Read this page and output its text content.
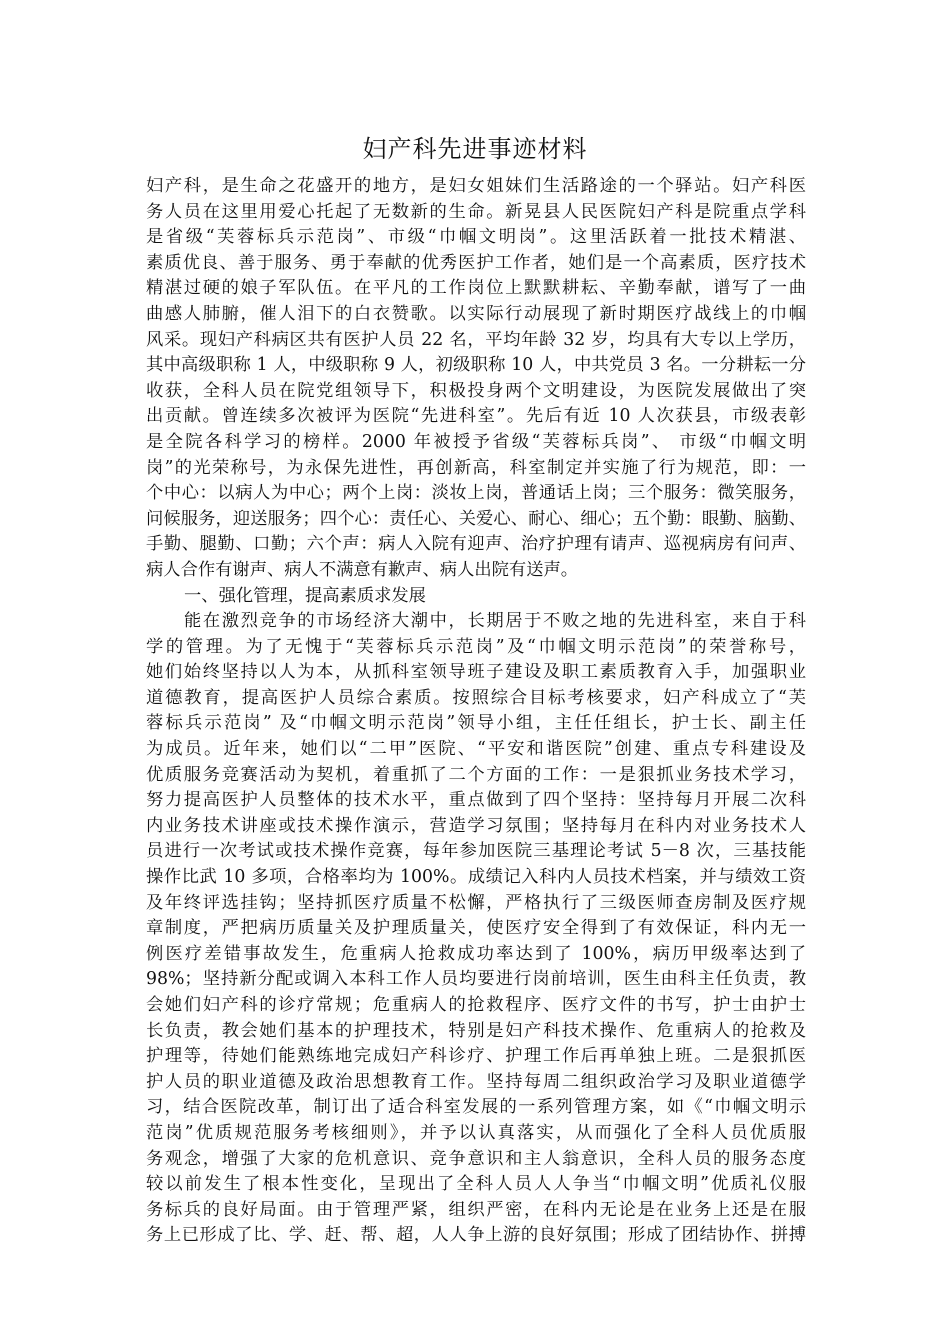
妇产科先进事迹材料
妇产科，是生命之花盛开的地方，是妇女姐妹们生活路途的一个驿站。妇产科医
务人员在这里用爱心托起了无数新的生命。新晃县人民医院妇产科是院重点学科
是省级“芙蓉标兵示范岗”、市级“巾帼文明岗”。这里活跃着一批技术精湛、
素质优良、善于服务、勇于奉献的优秀医护工作者，她们是一个高素质，医疗技术
精湛过硬的娘子军队伍。在平凡的工作岗位上默默耕耘、辛勤奉献，谱写了一曲
曲感人肺腑，催人泪下的白衣赞歌。以实际行动展现了新时期医疗战线上的巾帼
风采。现妇产科病区共有医护人员 22 名，平均年龄 32 岁，均具有大专以上学历，
其中高级职称 1 人，中级职称 9 人，初级职称 10 人，中共党员 3 名。一分耕耘一分
收获，全科人员在院党组领导下，积极投身两个文明建设，为医院发展做出了突
出贡献。曾连续多次被评为医院“先进科室”。先后有近 10 人次获县，市级表彰
是全院各科学习的榜样。2000 年被授予省级“芙蓉标兵岗”、 市级“巾帼文明
岗”的光荣称号，为永保先进性，再创新高，科室制定并实施了行为规范，即：一
个中心：以病人为中心；两个上岗：淡妆上岗，普通话上岗；三个服务：微笑服务，
问候服务，迎送服务；四个心：责任心、关爱心、耐心、细心；五个勤：眼勤、脑勤、
手勤、腿勤、口勤；六个声：病人入院有迎声、治疗护理有请声、巡视病房有问声、
病人合作有谢声、病人不满意有歉声、病人出院有送声。
一、强化管理，提高素质求发展
能在激烈竞争的市场经济大潮中，长期居于不败之地的先进科室，来自于科
学的管理。为了无愧于“芙蓉标兵示范岗”及“巾帼文明示范岗”的荣誉称号，
她们始终坚持以人为本，从抓科室领导班子建设及职工素质教育入手，加强职业
道德教育，提高医护人员综合素质。按照综合目标考核要求，妇产科成立了“芙
蓉标兵示范岗” 及“巾帼文明示范岗”领导小组，主任任组长，护士长、副主任
为成员。近年来，她们以“二甲”医院、“平安和谐医院”创建、重点专科建设及
优质服务竞赛活动为契机，着重抓了二个方面的工作：一是狠抓业务技术学习，
努力提高医护人员整体的技术水平，重点做到了四个坚持：坚持每月开展二次科
内业务技术讲座或技术操作演示，营造学习氛围；坚持每月在科内对业务技术人
员进行一次考试或技术操作竞赛，每年参加医院三基理论考试 5－8 次，三基技能
操作比武 10 多项，合格率均为 100%。成绩记入科内人员技术档案，并与绩效工资
及年终评选挂钩；坚持抓医疗质量不松懈，严格执行了三级医师查房制及医疗规
章制度，严把病历质量关及护理质量关，使医疗安全得到了有效保证，科内无一
例医疗差错事故发生，危重病人抢救成功率达到了 100%，病历甲级率达到了
98%；坚持新分配或调入本科工作人员均要进行岗前培训，医生由科主任负责，教
会她们妇产科的诊疗常规；危重病人的抢救程序、医疗文件的书写，护士由护士
长负责，教会她们基本的护理技术，特别是妇产科技术操作、危重病人的抢救及
护理等，待她们能熟练地完成妇产科诊疗、护理工作后再单独上班。二是狠抓医
护人员的职业道德及政治思想教育工作。坚持每周二组织政治学习及职业道德学
习，结合医院改革，制订出了适合科室发展的一系列管理方案，如《“巾帼文明示
范岗”优质规范服务考核细则》，并予以认真落实，从而强化了全科人员优质服
务观念，增强了大家的危机意识、竞争意识和主人翁意识，全科人员的服务态度
较以前发生了根本性变化，呈现出了全科人员人人争当“巾帼文明”优质礼仪服
务标兵的良好局面。由于管理严紧，组织严密，在科内无论是在业务上还是在服
务上已形成了比、学、赶、帮、超，人人争上游的良好氛围；形成了团结协作、拼搏
